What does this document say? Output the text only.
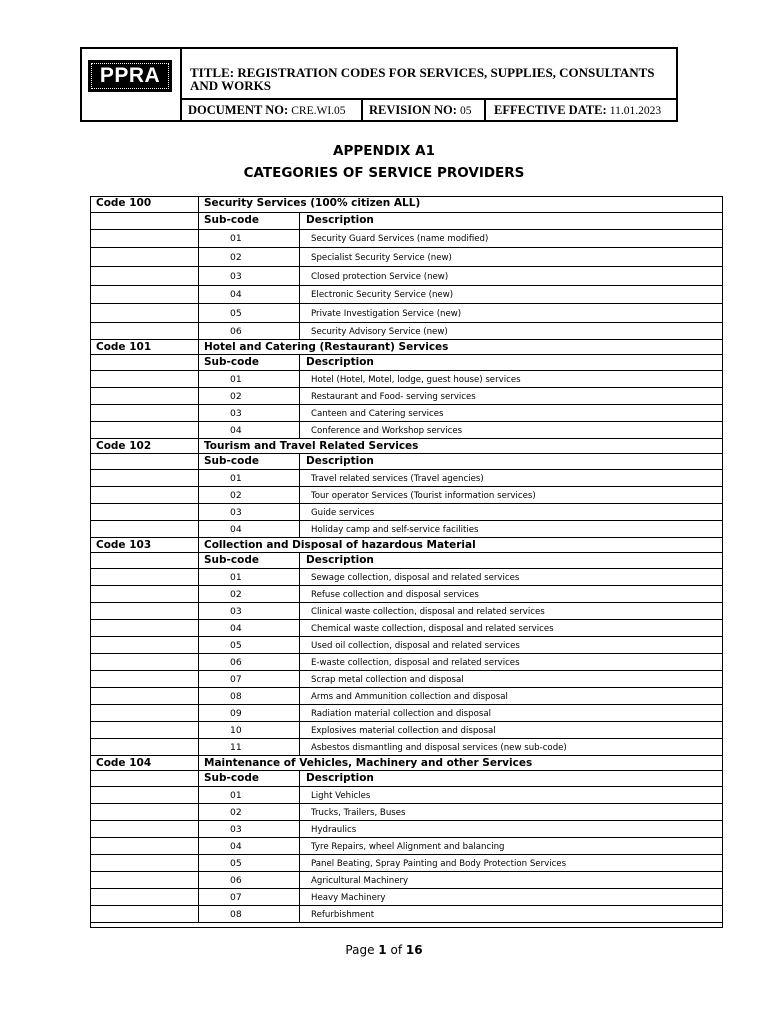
PPRA	TITLE: REGISTRATION CODES FOR SERVICES, SUPPLIES, CONSULTANTS AND WORKS
DOCUMENT NO: CRE.WI.05 REVISION NO: 05 EFFECTIVE DATE: 11.01.2023
APPENDIX A1
CATEGORIES OF SERVICE PROVIDERS
Code 100	Security Services (100% citizen ALL)
Sub-code	Description
01	Security Guard Services (name modified)
02	Specialist Security Service (new)
03	Closed protection Service (new)
04	Electronic Security Service (new)
05	Private Investigation Service (new)
06	Security Advisory Service (new)
Code 101	Hotel and Catering (Restaurant) Services
Sub-code	Description
01	Hotel (Hotel, Motel, lodge, guest house) services
02	Restaurant and Food- serving services
03	Canteen and Catering services
04	Conference and Workshop services
Code 102	Tourism and Travel Related Services
Sub-code	Description
01	Travel related services (Travel agencies)
02	Tour operator Services (Tourist information services)
03	Guide services
04	Holiday camp and self-service facilities
Code 103	Collection and Disposal of hazardous Material
Sub-code	Description
01	Sewage collection, disposal and related services
02	Refuse collection and disposal services
03	Clinical waste collection, disposal and related services
04	Chemical waste collection, disposal and related services
05	Used oil collection, disposal and related services
06	E-waste collection, disposal and related services
07	Scrap metal collection and disposal
08	Arms and Ammunition collection and disposal
09	Radiation material collection and disposal
10	Explosives material collection and disposal
11	Asbestos dismantling and disposal services (new sub-code)
Code 104	Maintenance of Vehicles, Machinery and other Services
Sub-code	Description
01	Light Vehicles
02	Trucks, Trailers, Buses
03	Hydraulics
04	Tyre Repairs, wheel Alignment and balancing
05	Panel Beating, Spray Painting and Body Protection Services
06	Agricultural Machinery
07	Heavy Machinery
08	Refurbishment
Page 1 of 16
